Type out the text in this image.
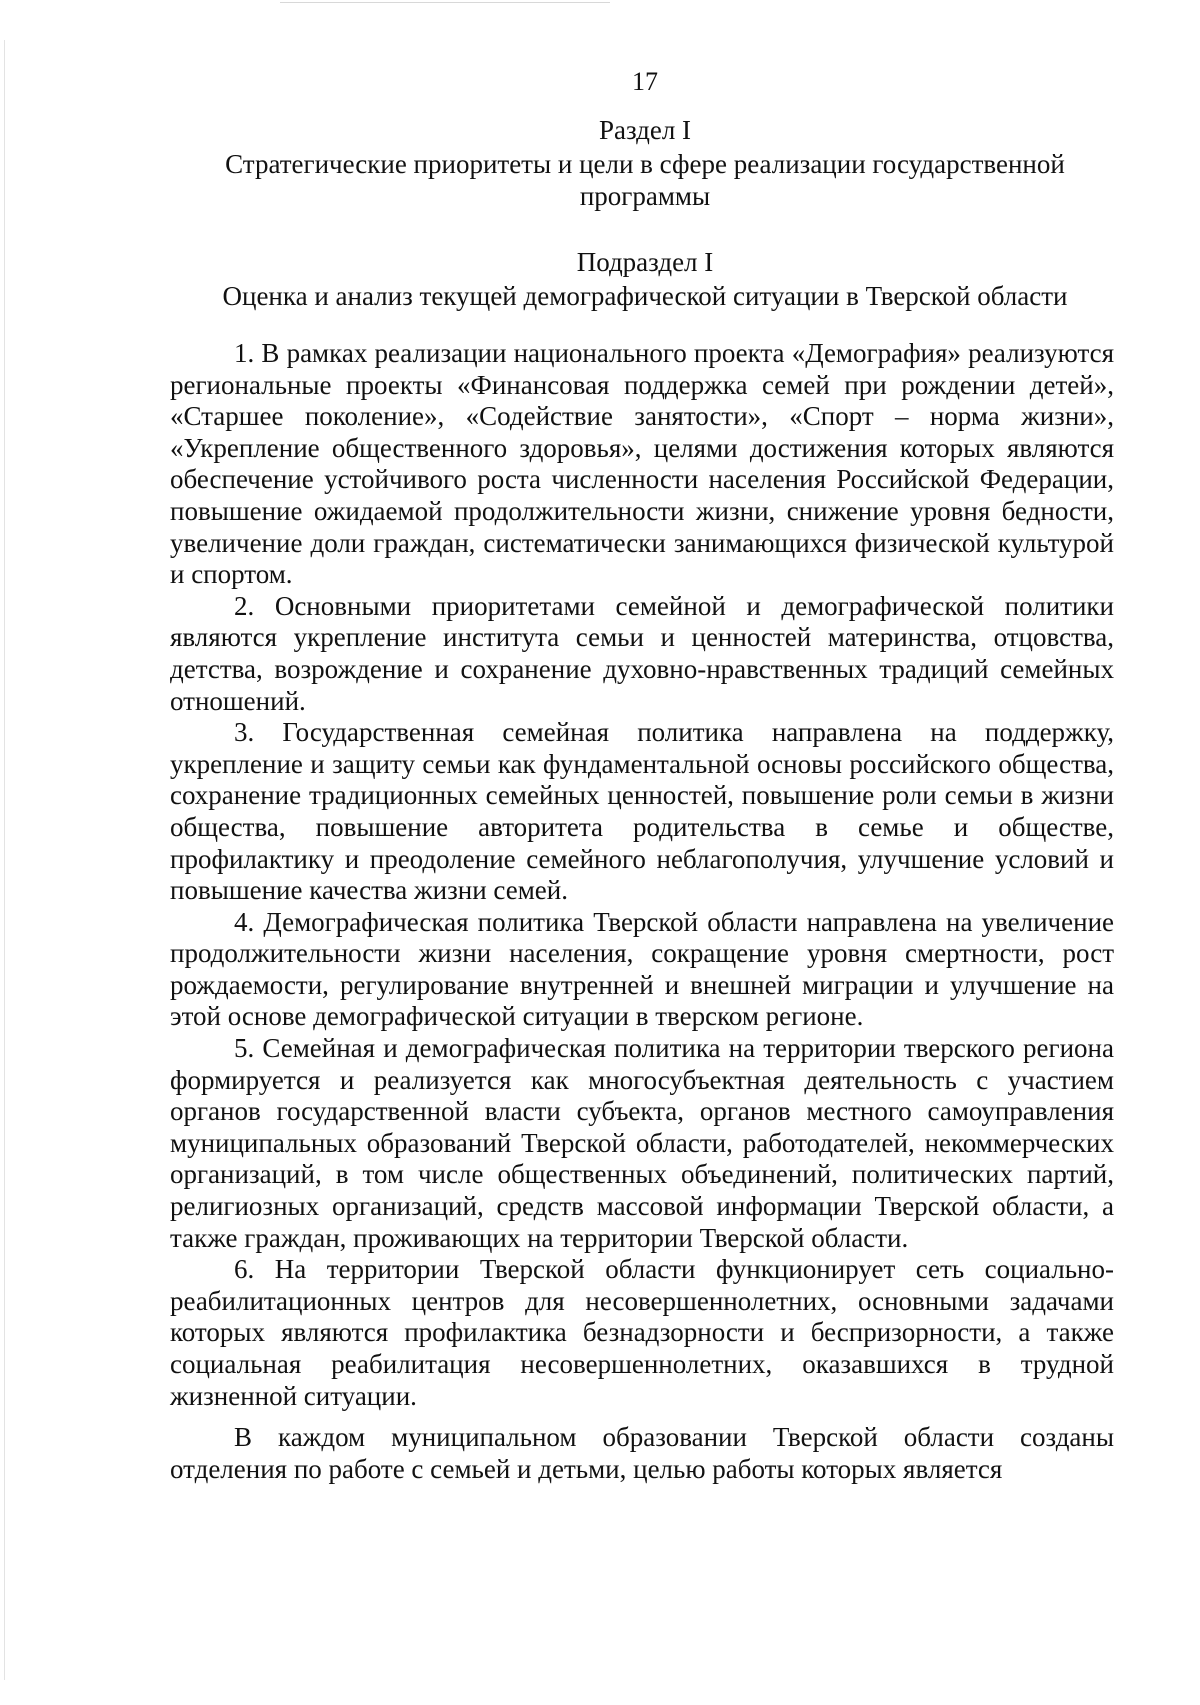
17
Раздел I
Стратегические приоритеты и цели в сфере реализации государственной программы
Подраздел I
Оценка и анализ текущей демографической ситуации в Тверской области

1. В рамках реализации национального проекта «Демография» реализуются региональные проекты «Финансовая поддержка семей при рождении детей», «Старшее поколение», «Содействие занятости», «Спорт – норма жизни», «Укрепление общественного здоровья», целями достижения которых являются обеспечение устойчивого роста численности населения Российской Федерации, повышение ожидаемой продолжительности жизни, снижение уровня бедности, увеличение доли граждан, систематически занимающихся физической культурой и спортом.

2. Основными приоритетами семейной и демографической политики являются укрепление института семьи и ценностей материнства, отцовства, детства, возрождение и сохранение духовно-нравственных традиций семейных отношений.

3. Государственная семейная политика направлена на поддержку, укрепление и защиту семьи как фундаментальной основы российского общества, сохранение традиционных семейных ценностей, повышение роли семьи в жизни общества, повышение авторитета родительства в семье и обществе, профилактику и преодоление семейного неблагополучия, улучшение условий и повышение качества жизни семей.

4. Демографическая политика Тверской области направлена на увеличение продолжительности жизни населения, сокращение уровня смертности, рост рождаемости, регулирование внутренней и внешней миграции и улучшение на этой основе демографической ситуации в тверском регионе.

5. Семейная и демографическая политика на территории тверского региона формируется и реализуется как многосубъектная деятельность с участием органов государственной власти субъекта, органов местного самоуправления муниципальных образований Тверской области, работодателей, некоммерческих организаций, в том числе общественных объединений, политических партий, религиозных организаций, средств массовой информации Тверской области, а также граждан, проживающих на территории Тверской области.

6. На территории Тверской области функционирует сеть социально-реабилитационных центров для несовершеннолетних, основными задачами которых являются профилактика безнадзорности и беспризорности, а также социальная реабилитация несовершеннолетних, оказавшихся в трудной жизненной ситуации.

В каждом муниципальном образовании Тверской области созданы отделения по работе с семьей и детьми, целью работы которых является
